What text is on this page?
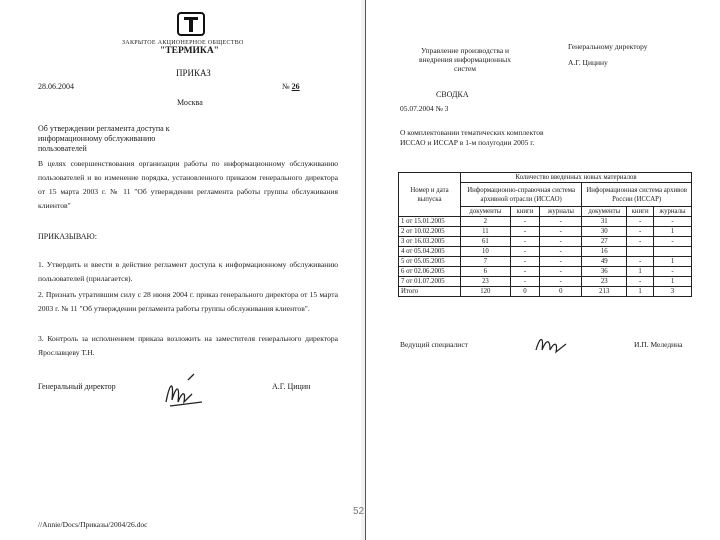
ЗАКРЫТОЕ АКЦИОНЕРНОЕ ОБЩЕСТВО
"ТЕРМИКА"
ПРИКАЗ
28.06.2004	№ 26
Москва
Об утверждении регламента доступа к информационному обслуживанию пользователей
В целях совершенствования организации работы по информационному обслуживанию пользователей и во изменение порядка, установленного приказом генерального директора от 15 марта 2003 г. № 11 "Об утверждении регламента работы группы обслуживания клиентов"
ПРИКАЗЫВАЮ:
1. Утвердить и ввести в действие регламент доступа к информационному обслуживанию пользователей (прилагается).
2. Признать утратившим силу с 28 июня 2004 г. приказ генерального директора от 15 марта 2003 г. № 11 "Об утверждении регламента работы группы обслуживания клиентов".
3. Контроль за исполнением приказа возложить на заместителя генерального директора Ярославцеву Т.Н.
Генеральный директор	А.Г. Цицин
//Annie/Docs/Приказы/2004/26.doc
52
Управление производства и внедрения информационных систем
Генеральному директору
А.Г. Цицину
СВОДКА
05.07.2004 № 3
О комплектовании тематических комплектов ИССАО и ИССАР в 1-м полугодии 2005 г.
Номер и дата выпуска	Количество введенных новых материалов					
	Информационно-справочная система архивной отрасли (ИССАО)			Информационная система архивов России (ИССАР)		
	документы	книги	журналы	документы	книги	журналы
1 от 15.01.2005	2	-	-	31	-	-
2 от 10.02.2005	11	-	-	30	-	1
3 от 16.03.2005	61	-	-	27	-	-
4 от 05.04.2005	10	-	-	16		
5 от 05.05.2005	7	-	-	49	-	1
6 от 02.06.2005	6	-	-	36	1	-
7 от 01.07.2005	23	-	-	23	-	1
Итого	120	0	0	213	1	3
Ведущий специалист	И.П. Меледина
